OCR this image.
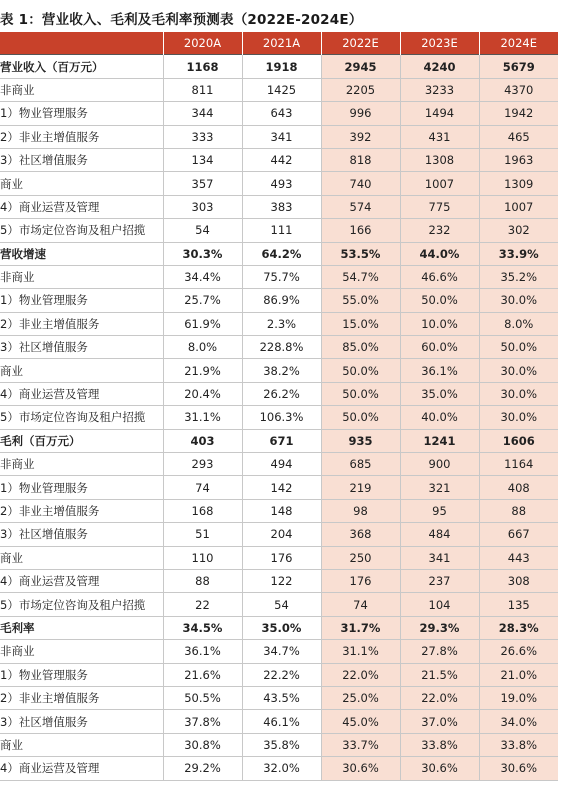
表 1：营业收入、毛利及毛利率预测表（2022E-2024E）
	2020A	2021A	2022E	2023E	2024E
营业收入（百万元）	1168	1918	2945	4240	5679
非商业	811	1425	2205	3233	4370
1）物业管理服务	344	643	996	1494	1942
2）非业主增值服务	333	341	392	431	465
3）社区增值服务	134	442	818	1308	1963
商业	357	493	740	1007	1309
4）商业运营及管理	303	383	574	775	1007
5）市场定位咨询及租户招揽	54	111	166	232	302
营收增速	30.3%	64.2%	53.5%	44.0%	33.9%
非商业	34.4%	75.7%	54.7%	46.6%	35.2%
1）物业管理服务	25.7%	86.9%	55.0%	50.0%	30.0%
2）非业主增值服务	61.9%	2.3%	15.0%	10.0%	8.0%
3）社区增值服务	8.0%	228.8%	85.0%	60.0%	50.0%
商业	21.9%	38.2%	50.0%	36.1%	30.0%
4）商业运营及管理	20.4%	26.2%	50.0%	35.0%	30.0%
5）市场定位咨询及租户招揽	31.1%	106.3%	50.0%	40.0%	30.0%
毛利（百万元）	403	671	935	1241	1606
非商业	293	494	685	900	1164
1）物业管理服务	74	142	219	321	408
2）非业主增值服务	168	148	98	95	88
3）社区增值服务	51	204	368	484	667
商业	110	176	250	341	443
4）商业运营及管理	88	122	176	237	308
5）市场定位咨询及租户招揽	22	54	74	104	135
毛利率	34.5%	35.0%	31.7%	29.3%	28.3%
非商业	36.1%	34.7%	31.1%	27.8%	26.6%
1）物业管理服务	21.6%	22.2%	22.0%	21.5%	21.0%
2）非业主增值服务	50.5%	43.5%	25.0%	22.0%	19.0%
3）社区增值服务	37.8%	46.1%	45.0%	37.0%	34.0%
商业	30.8%	35.8%	33.7%	33.8%	33.8%
4）商业运营及管理	29.2%	32.0%	30.6%	30.6%	30.6%
